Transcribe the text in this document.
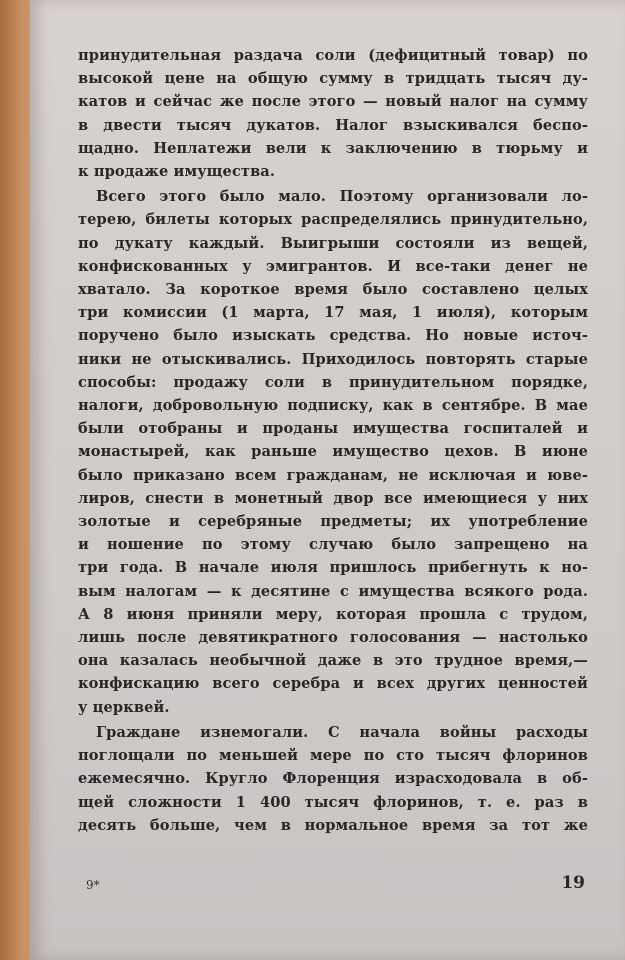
принудительная раздача соли (дефицитный товар) по

высокой цене на общую сумму в тридцать тысяч ду-

катов и сейчас же после этого — новый налог на сумму

в двести тысяч дукатов. Налог взыскивался беспо-

щадно. Неплатежи вели к заключению в тюрьму и

к продаже имущества.

Всего этого было мало. Поэтому организовали ло-

терею, билеты которых распределялись принудительно,

по дукату каждый. Выигрыши состояли из вещей,

конфискованных у эмигрантов. И все-таки денег не

хватало. За короткое время было составлено целых

три комиссии (1 марта, 17 мая, 1 июля), которым

поручено было изыскать средства. Но новые источ-

ники не отыскивались. Приходилось повторять старые

способы: продажу соли в принудительном порядке,

налоги, добровольную подписку, как в сентябре. В мае

были отобраны и проданы имущества госпиталей и

монастырей, как раньше имущество цехов. В июне

было приказано всем гражданам, не исключая и юве-

лиров, снести в монетный двор все имеющиеся у них

золотые и серебряные предметы; их употребление

и ношение по этому случаю было запрещено на

три года. В начале июля пришлось прибегнуть к но-

вым налогам — к десятине с имущества всякого рода.

А 8 июня приняли меру, которая прошла с трудом,

лишь после девятикратного голосования — настолько

она казалась необычной даже в это трудное время,—

конфискацию всего серебра и всех других ценностей

у церквей.

Граждане изнемогали. С начала войны расходы

поглощали по меньшей мере по сто тысяч флоринов

ежемесячно. Кругло Флоренция израсходовала в об-

щей сложности 1 400 тысяч флоринов, т. е. раз в

десять больше, чем в нормальное время за тот же

9*	19
